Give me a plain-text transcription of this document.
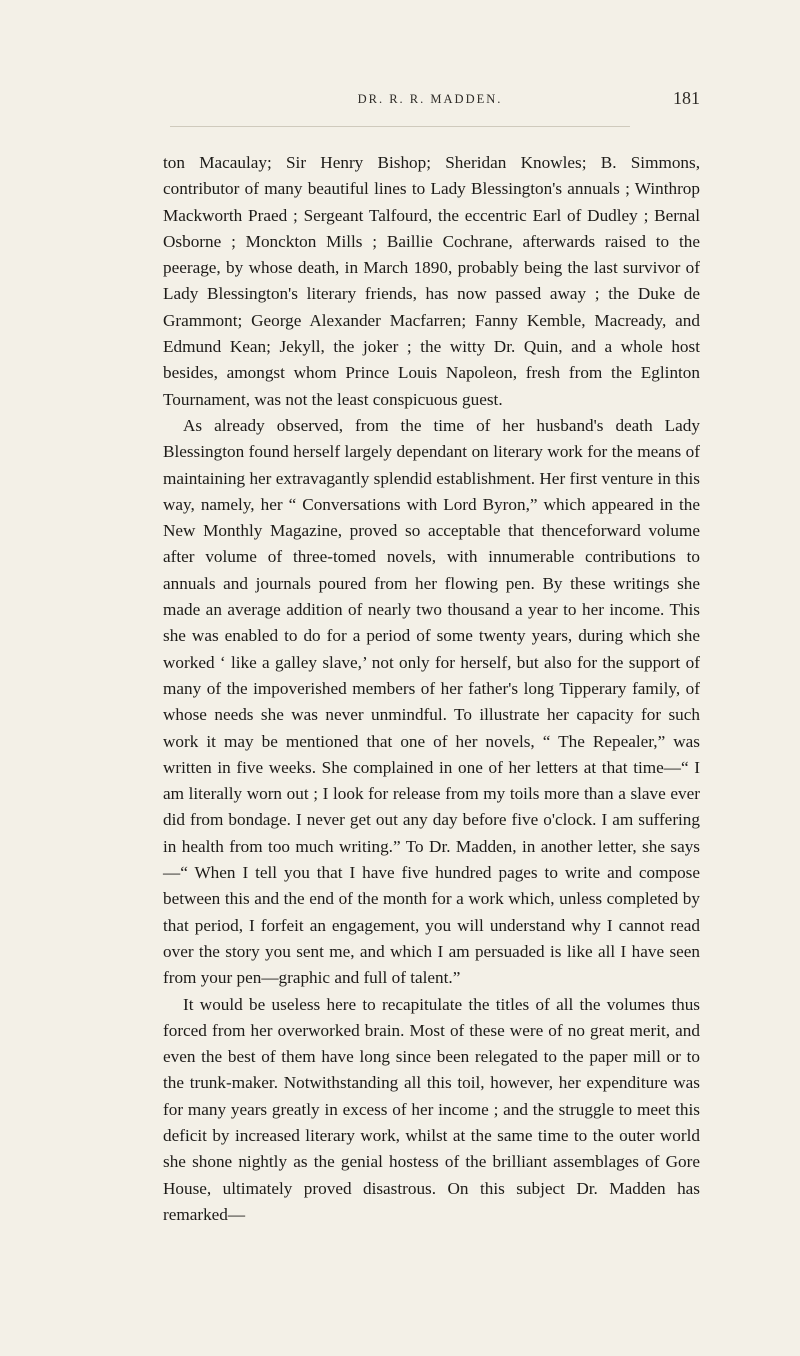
DR. R. R. MADDEN.	181

ton Macaulay; Sir Henry Bishop; Sheridan Knowles; B. Simmons, contributor of many beautiful lines to Lady Blessington's annuals ; Winthrop Mackworth Praed ; Sergeant Talfourd, the eccentric Earl of Dudley ; Bernal Osborne ; Monckton Mills ; Baillie Cochrane, afterwards raised to the peerage, by whose death, in March 1890, probably being the last survivor of Lady Blessington's literary friends, has now passed away ; the Duke de Grammont; George Alexander Macfarren; Fanny Kemble, Macready, and Edmund Kean; Jekyll, the joker ; the witty Dr. Quin, and a whole host besides, amongst whom Prince Louis Napoleon, fresh from the Eglinton Tournament, was not the least conspicuous guest.

As already observed, from the time of her husband's death Lady Blessington found herself largely dependant on literary work for the means of maintaining her extravagantly splendid establishment. Her first venture in this way, namely, her “ Conversations with Lord Byron,” which appeared in the New Monthly Magazine, proved so acceptable that thenceforward volume after volume of three-tomed novels, with innumerable contributions to annuals and journals poured from her flowing pen. By these writings she made an average addition of nearly two thousand a year to her income. This she was enabled to do for a period of some twenty years, during which she worked ‘ like a galley slave,’ not only for herself, but also for the support of many of the impoverished members of her father's long Tipperary family, of whose needs she was never unmindful. To illustrate her capacity for such work it may be mentioned that one of her novels, “ The Repealer,” was written in five weeks. She complained in one of her letters at that time—“ I am literally worn out ; I look for release from my toils more than a slave ever did from bondage. I never get out any day before five o'clock. I am suffering in health from too much writing.” To Dr. Madden, in another letter, she says—“ When I tell you that I have five hundred pages to write and compose between this and the end of the month for a work which, unless completed by that period, I forfeit an engagement, you will understand why I cannot read over the story you sent me, and which I am persuaded is like all I have seen from your pen—graphic and full of talent.”

It would be useless here to recapitulate the titles of all the volumes thus forced from her overworked brain. Most of these were of no great merit, and even the best of them have long since been relegated to the paper mill or to the trunk-maker. Notwithstanding all this toil, however, her expenditure was for many years greatly in excess of her income ; and the struggle to meet this deficit by increased literary work, whilst at the same time to the outer world she shone nightly as the genial hostess of the brilliant assemblages of Gore House, ultimately proved disastrous. On this subject Dr. Madden has remarked—
